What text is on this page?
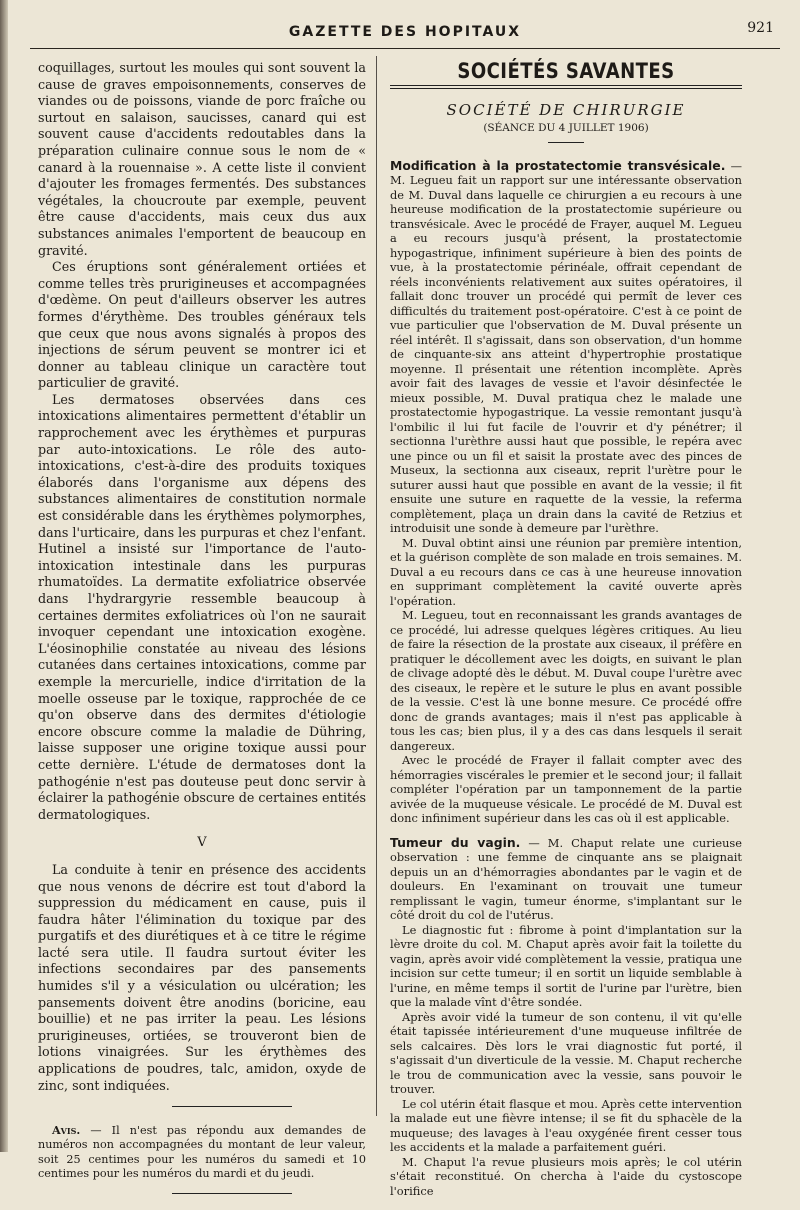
GAZETTE DES HOPITAUX	921

coquillages, surtout les moules qui sont souvent la cause de graves empoisonnements, conserves de viandes ou de poissons, viande de porc fraîche ou surtout en salaison, saucisses, canard qui est souvent cause d'accidents redoutables dans la préparation culinaire connue sous le nom de « canard à la rouennaise ». A cette liste il convient d'ajouter les fromages fermentés. Des substances végétales, la choucroute par exemple, peuvent être cause d'accidents, mais ceux dus aux substances animales l'emportent de beaucoup en gravité.

Ces éruptions sont généralement ortiées et comme telles très prurigineuses et accompagnées d'œdème. On peut d'ailleurs observer les autres formes d'érythème. Des troubles généraux tels que ceux que nous avons signalés à propos des injections de sérum peuvent se montrer ici et donner au tableau clinique un caractère tout particulier de gravité.

Les dermatoses observées dans ces intoxications alimentaires permettent d'établir un rapprochement avec les érythèmes et purpuras par auto-intoxications. Le rôle des auto-intoxications, c'est-à-dire des produits toxiques élaborés dans l'organisme aux dépens des substances alimentaires de constitution normale est considérable dans les érythèmes polymorphes, dans l'urticaire, dans les purpuras et chez l'enfant. Hutinel a insisté sur l'importance de l'auto-intoxication intestinale dans les purpuras rhumatoïdes. La dermatite exfoliatrice observée dans l'hydrargyrie ressemble beaucoup à certaines dermites exfoliatrices où l'on ne saurait invoquer cependant une intoxication exogène. L'éosinophilie constatée au niveau des lésions cutanées dans certaines intoxications, comme par exemple la mercurielle, indice d'irritation de la moelle osseuse par le toxique, rapprochée de ce qu'on observe dans des dermites d'étiologie encore obscure comme la maladie de Dühring, laisse supposer une origine toxique aussi pour cette dernière. L'étude de dermatoses dont la pathogénie n'est pas douteuse peut donc servir à éclairer la pathogénie obscure de certaines entités dermatologiques.

V

La conduite à tenir en présence des accidents que nous venons de décrire est tout d'abord la suppression du médicament en cause, puis il faudra hâter l'élimination du toxique par des purgatifs et des diurétiques et à ce titre le régime lacté sera utile. Il faudra surtout éviter les infections secondaires par des pansements humides s'il y a vésiculation ou ulcération; les pansements doivent être anodins (boricine, eau bouillie) et ne pas irriter la peau. Les lésions prurigineuses, ortiées, se trouveront bien de lotions vinaigrées. Sur les érythèmes des applications de poudres, talc, amidon, oxyde de zinc, sont indiquées.

Avis. — Il n'est pas répondu aux demandes de numéros non accompagnées du montant de leur valeur, soit 25 centimes pour les numéros du samedi et 10 centimes pour les numéros du mardi et du jeudi.

SOCIÉTÉS SAVANTES
SOCIÉTÉ DE CHIRURGIE
(SÉANCE DU 4 JUILLET 1906)

Modification à la prostatectomie transvésicale. — M. Legueu fait un rapport sur une intéressante observation de M. Duval dans laquelle ce chirurgien a eu recours à une heureuse modification de la prostatectomie supérieure ou transvésicale. Avec le procédé de Frayer, auquel M. Legueu a eu recours jusqu'à présent, la prostatectomie hypogastrique, infiniment supérieure à bien des points de vue, à la prostatectomie périnéale, offrait cependant de réels inconvénients relativement aux suites opératoires, il fallait donc trouver un procédé qui permît de lever ces difficultés du traitement post-opératoire. C'est à ce point de vue particulier que l'observation de M. Duval présente un réel intérêt. Il s'agissait, dans son observation, d'un homme de cinquante-six ans atteint d'hypertrophie prostatique moyenne. Il présentait une rétention incomplète. Après avoir fait des lavages de vessie et l'avoir désinfectée le mieux possible, M. Duval pratiqua chez le malade une prostatectomie hypogastrique. La vessie remontant jusqu'à l'ombilic il lui fut facile de l'ouvrir et d'y pénétrer; il sectionna l'urèthre aussi haut que possible, le repéra avec une pince ou un fil et saisit la prostate avec des pinces de Museux, la sectionna aux ciseaux, reprit l'urètre pour le suturer aussi haut que possible en avant de la vessie; il fit ensuite une suture en raquette de la vessie, la referma complètement, plaça un drain dans la cavité de Retzius et introduisit une sonde à demeure par l'urèthre.

M. Duval obtint ainsi une réunion par première intention, et la guérison complète de son malade en trois semaines. M. Duval a eu recours dans ce cas à une heureuse innovation en supprimant complètement la cavité ouverte après l'opération.

M. Legueu, tout en reconnaissant les grands avantages de ce procédé, lui adresse quelques légères critiques. Au lieu de faire la résection de la prostate aux ciseaux, il préfère en pratiquer le décollement avec les doigts, en suivant le plan de clivage adopté dès le début. M. Duval coupe l'urètre avec des ciseaux, le repère et le suture le plus en avant possible de la vessie. C'est là une bonne mesure. Ce procédé offre donc de grands avantages; mais il n'est pas applicable à tous les cas; bien plus, il y a des cas dans lesquels il serait dangereux.

Avec le procédé de Frayer il fallait compter avec des hémorragies viscérales le premier et le second jour; il fallait compléter l'opération par un tamponnement de la partie avivée de la muqueuse vésicale. Le procédé de M. Duval est donc infiniment supérieur dans les cas où il est applicable.

Tumeur du vagin. — M. Chaput relate une curieuse observation : une femme de cinquante ans se plaignait depuis un an d'hémorragies abondantes par le vagin et de douleurs. En l'examinant on trouvait une tumeur remplissant le vagin, tumeur énorme, s'implantant sur le côté droit du col de l'utérus.

Le diagnostic fut : fibrome à point d'implantation sur la lèvre droite du col. M. Chaput après avoir fait la toilette du vagin, après avoir vidé complètement la vessie, pratiqua une incision sur cette tumeur; il en sortit un liquide semblable à l'urine, en même temps il sortit de l'urine par l'urètre, bien que la malade vînt d'être sondée.

Après avoir vidé la tumeur de son contenu, il vit qu'elle était tapissée intérieurement d'une muqueuse infiltrée de sels calcaires. Dès lors le vrai diagnostic fut porté, il s'agissait d'un diverticule de la vessie. M. Chaput recherche le trou de communication avec la vessie, sans pouvoir le trouver.

Le col utérin était flasque et mou. Après cette intervention la malade eut une fièvre intense; il se fit du sphacèle de la muqueuse; des lavages à l'eau oxygénée firent cesser tous les accidents et la malade a parfaitement guéri.

M. Chaput l'a revue plusieurs mois après; le col utérin s'était reconstitué. On chercha à l'aide du cystoscope l'orifice
